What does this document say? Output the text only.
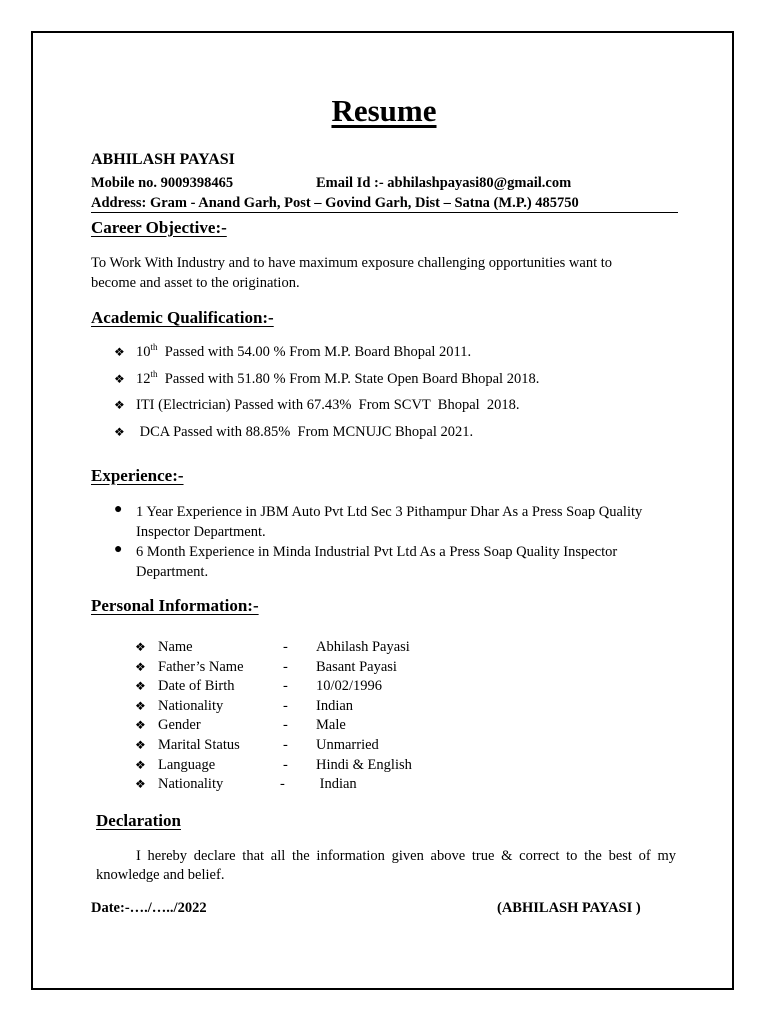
Resume
ABHILASH PAYASI
Mobile no. 9009398465	Email Id :- abhilashpayasi80@gmail.com
Address: Gram - Anand Garh, Post – Govind Garh, Dist – Satna (M.P.) 485750
Career Objective:-
To Work With Industry and to have maximum exposure challenging opportunities want to
become and asset to the origination.
Academic Qualification:-
❖ 10th  Passed with 54.00 % From M.P. Board Bhopal 2011.
❖ 12th  Passed with 51.80 % From M.P. State Open Board Bhopal 2018.
❖ ITI (Electrician) Passed with 67.43%  From SCVT  Bhopal  2018.
❖ DCA Passed with 88.85%  From MCNUJC Bhopal 2021.
Experience:-
● 1 Year Experience in JBM Auto Pvt Ltd Sec 3 Pithampur Dhar As a Press Soap Quality
Inspector Department.
● 6 Month Experience in Minda Industrial Pvt Ltd As a Press Soap Quality Inspector
Department.
Personal Information:-
❖ Name	- Abhilash Payasi
❖ Father’s Name	- Basant Payasi
❖ Date of Birth	- 10/02/1996
❖ Nationality	- Indian
❖ Gender	- Male
❖ Marital Status	- Unmarried
❖ Language	- Hindi & English
❖ Nationality	- Indian
Declaration
I hereby declare that all the information given above true & correct to the best of my
knowledge and belief.
Date:-…./…../2022	(ABHILASH PAYASI )
